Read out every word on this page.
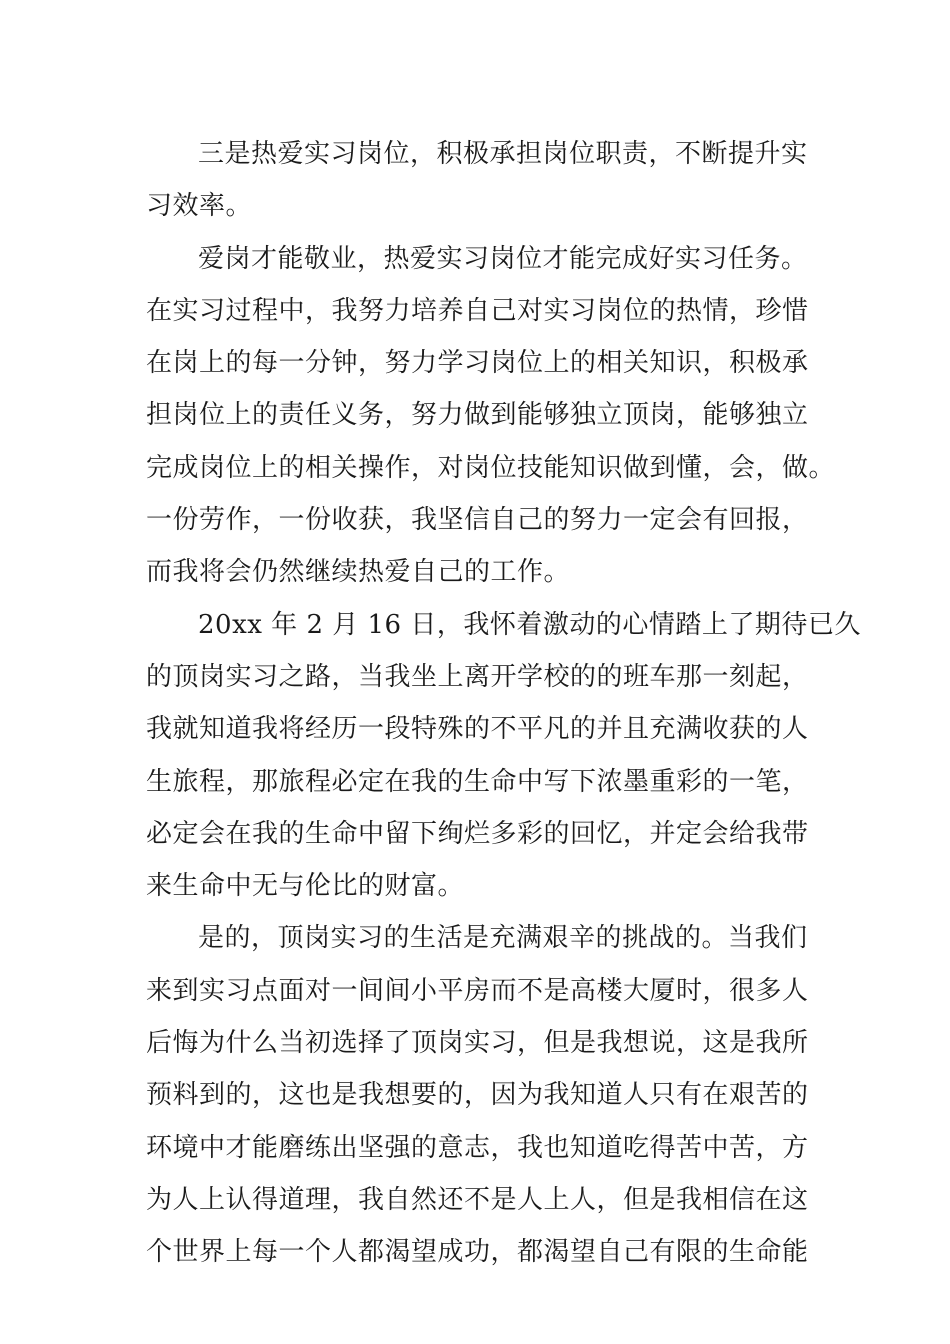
三是热爱实习岗位，积极承担岗位职责，不断提升实
习效率。
爱岗才能敬业，热爱实习岗位才能完成好实习任务。
在实习过程中，我努力培养自己对实习岗位的热情，珍惜
在岗上的每一分钟，努力学习岗位上的相关知识，积极承
担岗位上的责任义务，努力做到能够独立顶岗，能够独立
完成岗位上的相关操作，对岗位技能知识做到懂，会，做。
一份劳作，一份收获，我坚信自己的努力一定会有回报，
而我将会仍然继续热爱自己的工作。
20xx 年 2 月 16 日，我怀着激动的心情踏上了期待已久
的顶岗实习之路，当我坐上离开学校的的班车那一刻起，
我就知道我将经历一段特殊的不平凡的并且充满收获的人
生旅程，那旅程必定在我的生命中写下浓墨重彩的一笔，
必定会在我的生命中留下绚烂多彩的回忆，并定会给我带
来生命中无与伦比的财富。
是的，顶岗实习的生活是充满艰辛的挑战的。当我们
来到实习点面对一间间小平房而不是高楼大厦时，很多人
后悔为什么当初选择了顶岗实习，但是我想说，这是我所
预料到的，这也是我想要的，因为我知道人只有在艰苦的
环境中才能磨练出坚强的意志，我也知道吃得苦中苦，方
为人上认得道理，我自然还不是人上人，但是我相信在这
个世界上每一个人都渴望成功，都渴望自己有限的生命能
